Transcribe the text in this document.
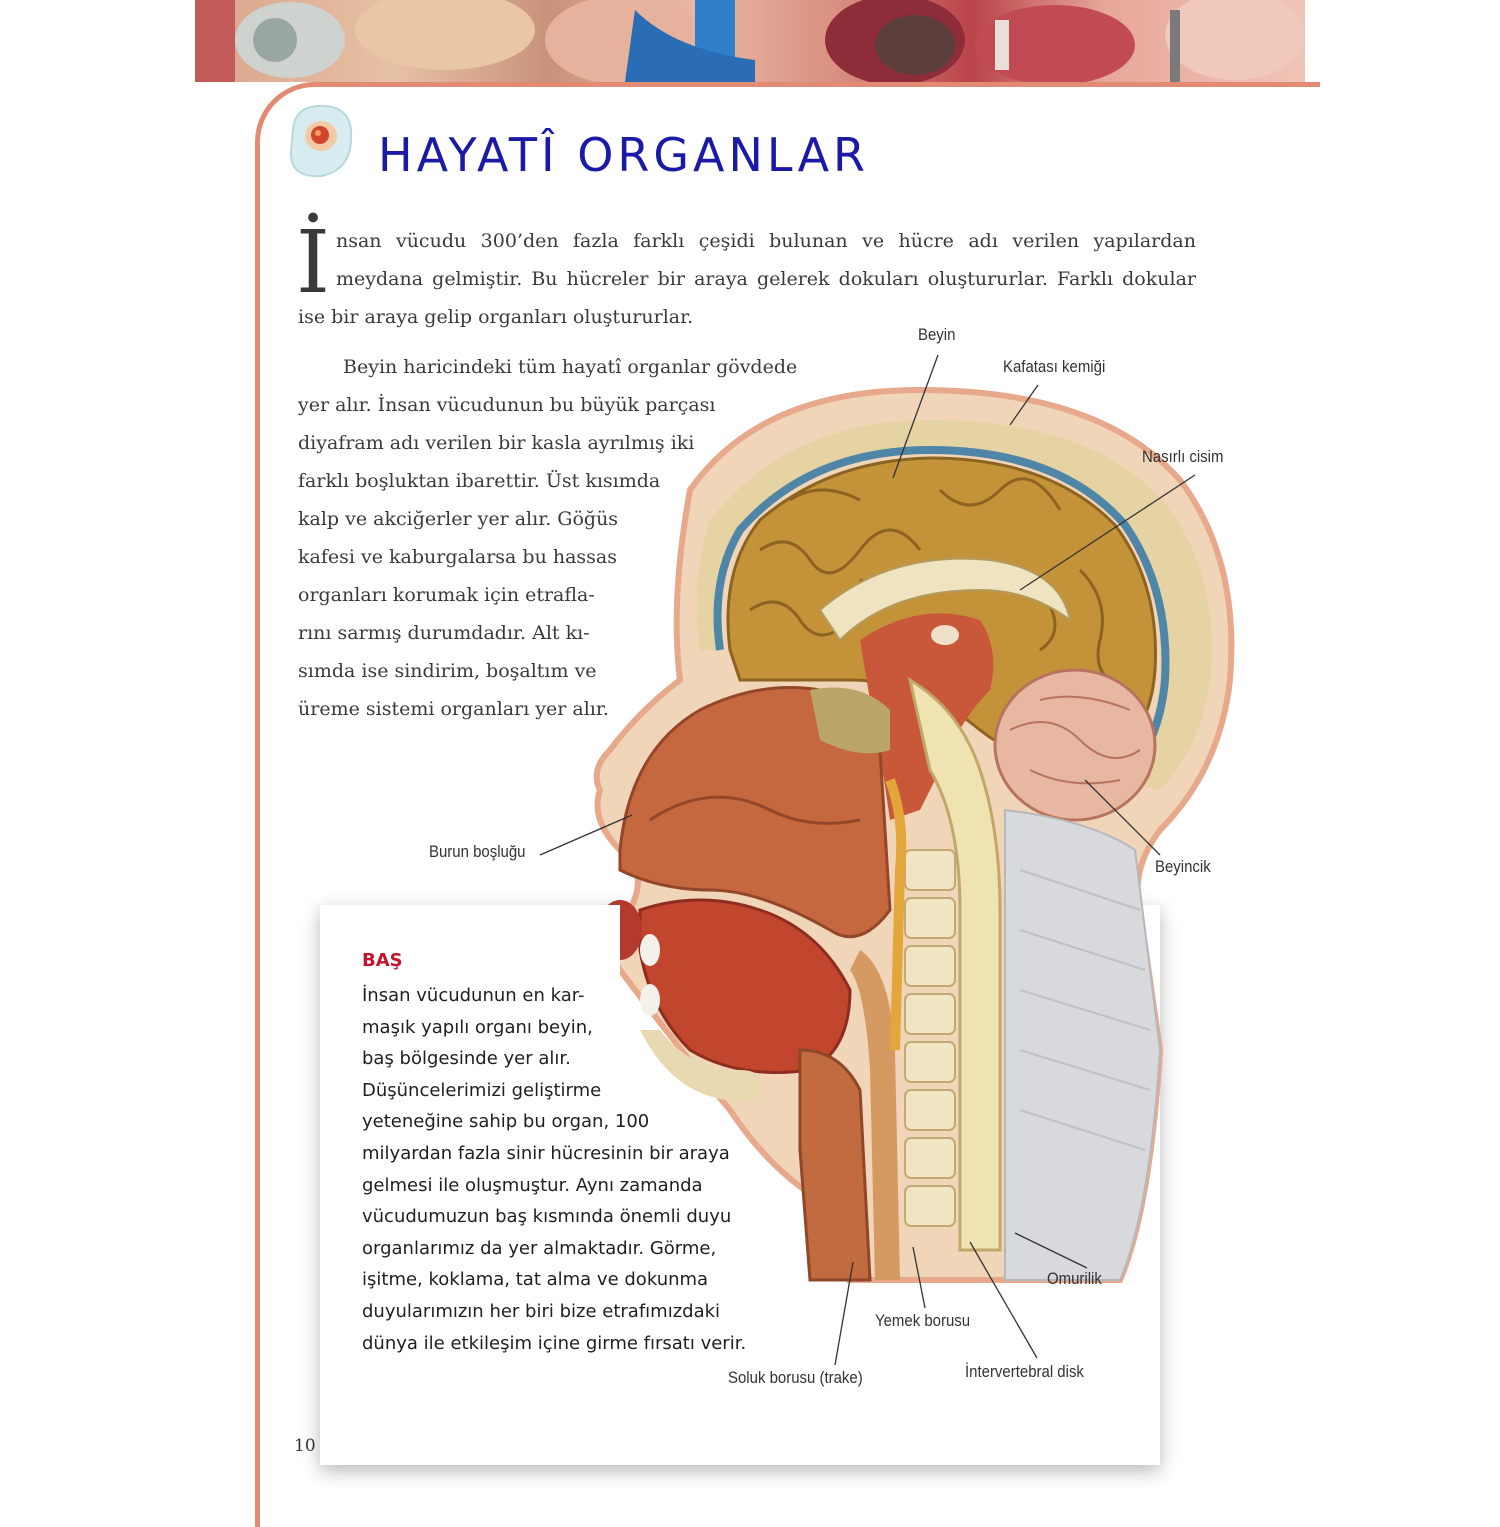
HAYATÎ ORGANLAR

İnsan vücudu 300’den fazla farklı çeşidi bulunan ve hücre adı verilen yapılardan meydana gelmiştir. Bu hücreler bir araya gelerek dokuları oluştururlar. Farklı dokular ise bir araya gelip organları oluştururlar.

Beyin haricindeki tüm hayatî organlar gövdede
yer alır. İnsan vücudunun bu büyük parçası
diyafram adı verilen bir kasla ayrılmış iki
farklı boşluktan ibarettir. Üst kısımda
kalp ve akciğerler yer alır. Göğüs
kafesi ve kaburgalarsa bu hassas
organları korumak için etrafla-
rını sarmış durumdadır. Alt kı-
sımda ise sindirim, boşaltım ve
üreme sistemi organları yer alır.

Beyin
Kafatası kemiği
Nasırlı cisim
Burun boşluğu
Beyincik
Omurilik
Yemek borusu
İntervertebral disk
Soluk borusu (trake)
BAŞ
İnsan vücudunun en kar-
maşık yapılı organı beyin,
baş bölgesinde yer alır.
Düşüncelerimizi geliştirme
yeteneğine sahip bu organ, 100
milyardan fazla sinir hücresinin bir araya
gelmesi ile oluşmuştur. Aynı zamanda
vücudumuzun baş kısmında önemli duyu
organlarımız da yer almaktadır. Görme,
işitme, koklama, tat alma ve dokunma
duyularımızın her biri bize etrafımızdaki
dünya ile etkileşim içine girme fırsatı verir.
10
